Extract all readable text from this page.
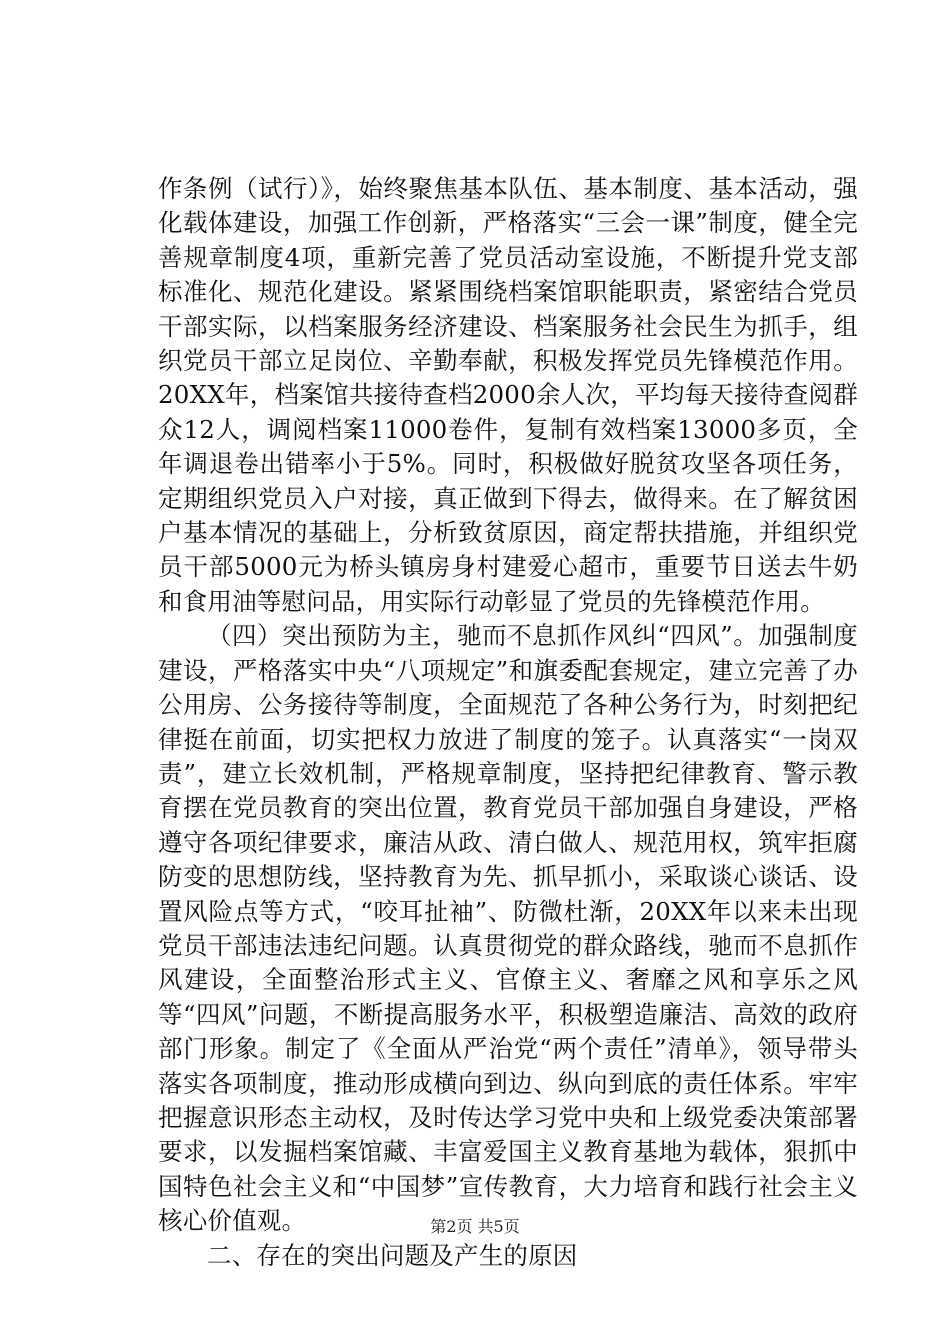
作条例（试行）》，始终聚焦基本队伍、基本制度、基本活动，强化载体建设，加强工作创新，严格落实“三会一课”制度，健全完善规章制度4项，重新完善了党员活动室设施，不断提升党支部标准化、规范化建设。紧紧围绕档案馆职能职责，紧密结合党员干部实际，以档案服务经济建设、档案服务社会民生为抓手，组织党员干部立足岗位、辛勤奉献，积极发挥党员先锋模范作用。20XX年，档案馆共接待查档2000余人次，平均每天接待查阅群众12人，调阅档案11000卷件，复制有效档案13000多页，全年调退卷出错率小于5%。同时，积极做好脱贫攻坚各项任务，定期组织党员入户对接，真正做到下得去，做得来。在了解贫困户基本情况的基础上，分析致贫原因，商定帮扶措施，并组织党员干部5000元为桥头镇房身村建爱心超市，重要节日送去牛奶和食用油等慰问品，用实际行动彰显了党员的先锋模范作用。

（四）突出预防为主，驰而不息抓作风纠“四风”。加强制度建设，严格落实中央“八项规定”和旗委配套规定，建立完善了办公用房、公务接待等制度，全面规范了各种公务行为，时刻把纪律挺在前面，切实把权力放进了制度的笼子。认真落实“一岗双责”，建立长效机制，严格规章制度，坚持把纪律教育、警示教育摆在党员教育的突出位置，教育党员干部加强自身建设，严格遵守各项纪律要求，廉洁从政、清白做人、规范用权，筑牢拒腐防变的思想防线，坚持教育为先、抓早抓小，采取谈心谈话、设置风险点等方式，“咬耳扯袖”、防微杜渐，20XX年以来未出现党员干部违法违纪问题。认真贯彻党的群众路线，驰而不息抓作风建设，全面整治形式主义、官僚主义、奢靡之风和享乐之风等“四风”问题，不断提高服务水平，积极塑造廉洁、高效的政府部门形象。制定了《全面从严治党“两个责任”清单》，领导带头落实各项制度，推动形成横向到边、纵向到底的责任体系。牢牢把握意识形态主动权，及时传达学习党中央和上级党委决策部署要求，以发掘档案馆藏、丰富爱国主义教育基地为载体，狠抓中国特色社会主义和“中国梦”宣传教育，大力培育和践行社会主义核心价值观。

二、存在的突出问题及产生的原因

第2页 共5页
